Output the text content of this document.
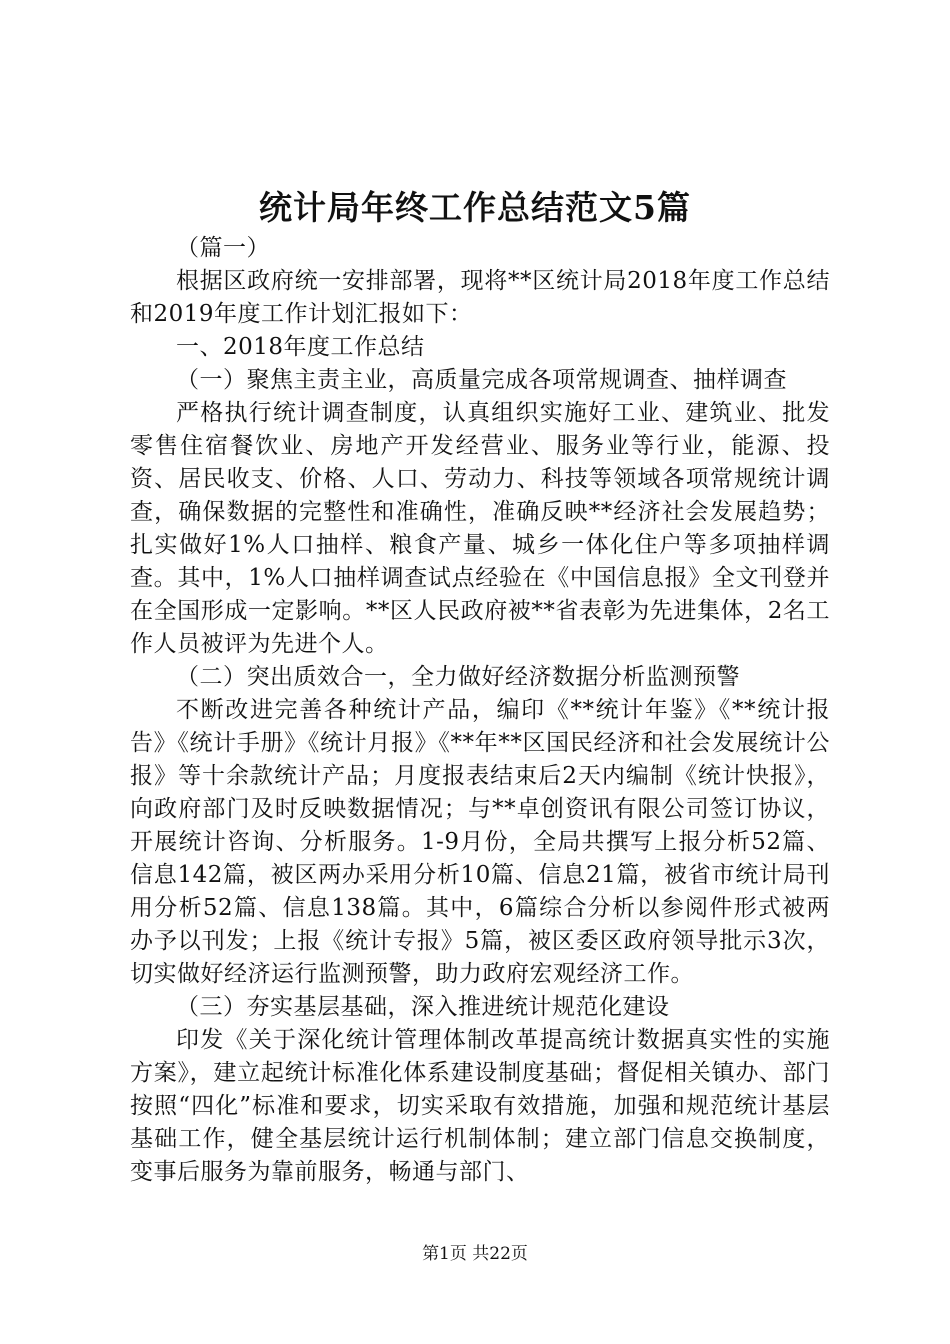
统计局年终工作总结范文5篇

（篇一）

根据区政府统一安排部署，现将**区统计局2018年度工作总结和2019年度工作计划汇报如下：

一、2018年度工作总结

（一）聚焦主责主业，高质量完成各项常规调查、抽样调查

严格执行统计调查制度，认真组织实施好工业、建筑业、批发零售住宿餐饮业、房地产开发经营业、服务业等行业，能源、投资、居民收支、价格、人口、劳动力、科技等领域各项常规统计调查，确保数据的完整性和准确性，准确反映**经济社会发展趋势；扎实做好1%人口抽样、粮食产量、城乡一体化住户等多项抽样调查。其中，1%人口抽样调查试点经验在《中国信息报》全文刊登并在全国形成一定影响。**区人民政府被**省表彰为先进集体，2名工作人员被评为先进个人。

（二）突出质效合一，全力做好经济数据分析监测预警

不断改进完善各种统计产品，编印《**统计年鉴》《**统计报告》《统计手册》《统计月报》《**年**区国民经济和社会发展统计公报》等十余款统计产品；月度报表结束后2天内编制《统计快报》，向政府部门及时反映数据情况；与**卓创资讯有限公司签订协议，开展统计咨询、分析服务。1-9月份，全局共撰写上报分析52篇、信息142篇，被区两办采用分析10篇、信息21篇，被省市统计局刊用分析52篇、信息138篇。其中，6篇综合分析以参阅件形式被两办予以刊发；上报《统计专报》5篇，被区委区政府领导批示3次，切实做好经济运行监测预警，助力政府宏观经济工作。

（三）夯实基层基础，深入推进统计规范化建设

印发《关于深化统计管理体制改革提高统计数据真实性的实施方案》，建立起统计标准化体系建设制度基础；督促相关镇办、部门按照“四化”标准和要求，切实采取有效措施，加强和规范统计基层基础工作，健全基层统计运行机制体制；建立部门信息交换制度，变事后服务为靠前服务，畅通与部门、

第1页 共22页
